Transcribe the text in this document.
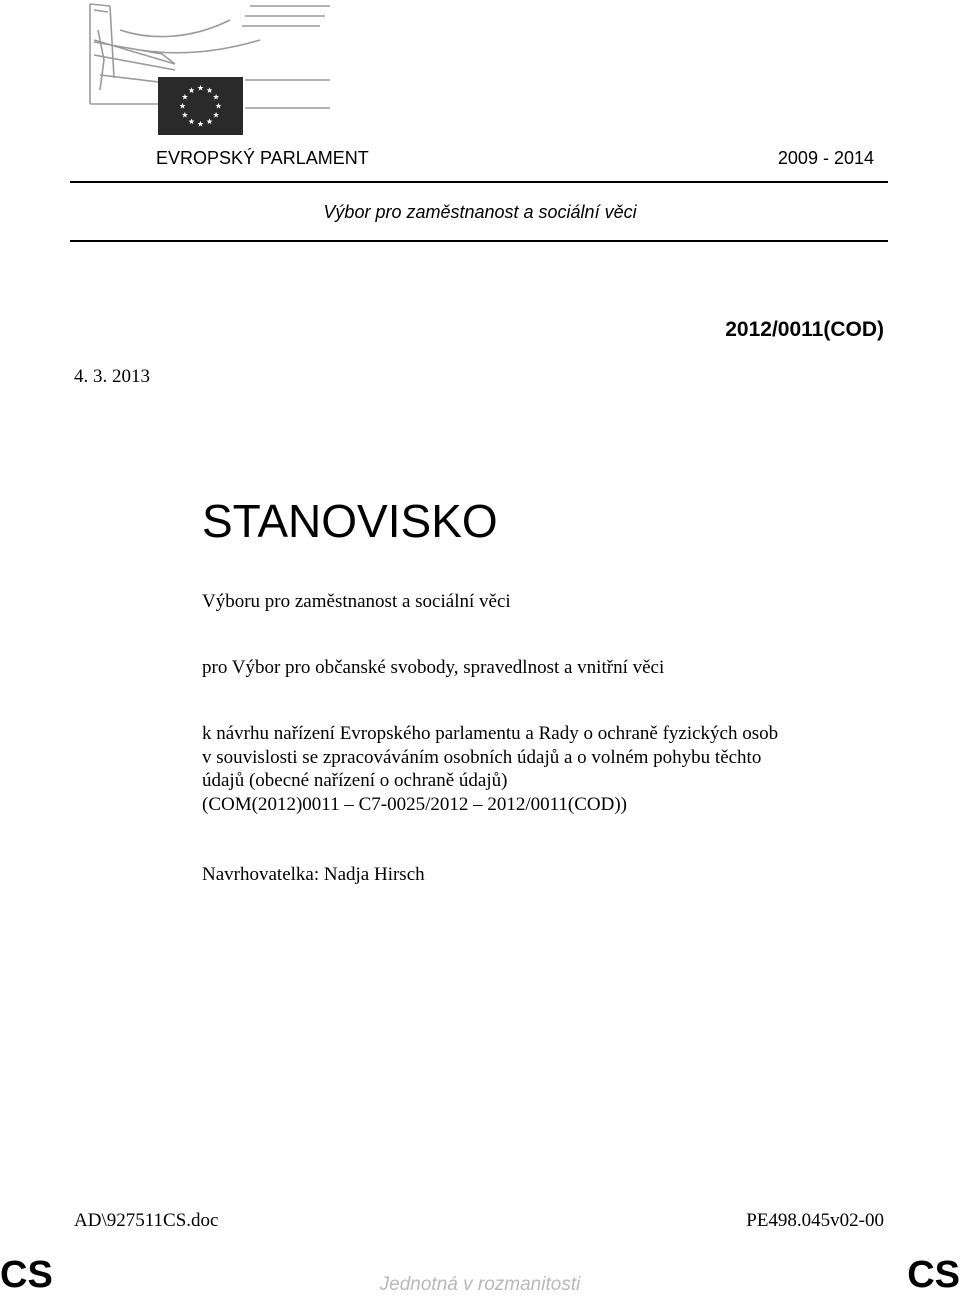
EVROPSKÝ PARLAMENT	2009 - 2014
Výbor pro zaměstnanost a sociální věci
2012/0011(COD)
4. 3. 2013
STANOVISKO
Výboru pro zaměstnanost a sociální věci
pro Výbor pro občanské svobody, spravedlnost a vnitřní věci
k návrhu nařízení Evropského parlamentu a Rady o ochraně fyzických osob
v souvislosti se zpracováváním osobních údajů a o volném pohybu těchto
údajů (obecné nařízení o ochraně údajů)
(COM(2012)0011 – C7-0025/2012 – 2012/0011(COD))
Navrhovatelka: Nadja Hirsch
AD\927511CS.doc	PE498.045v02-00
CS	Jednotná v rozmanitosti	CS
